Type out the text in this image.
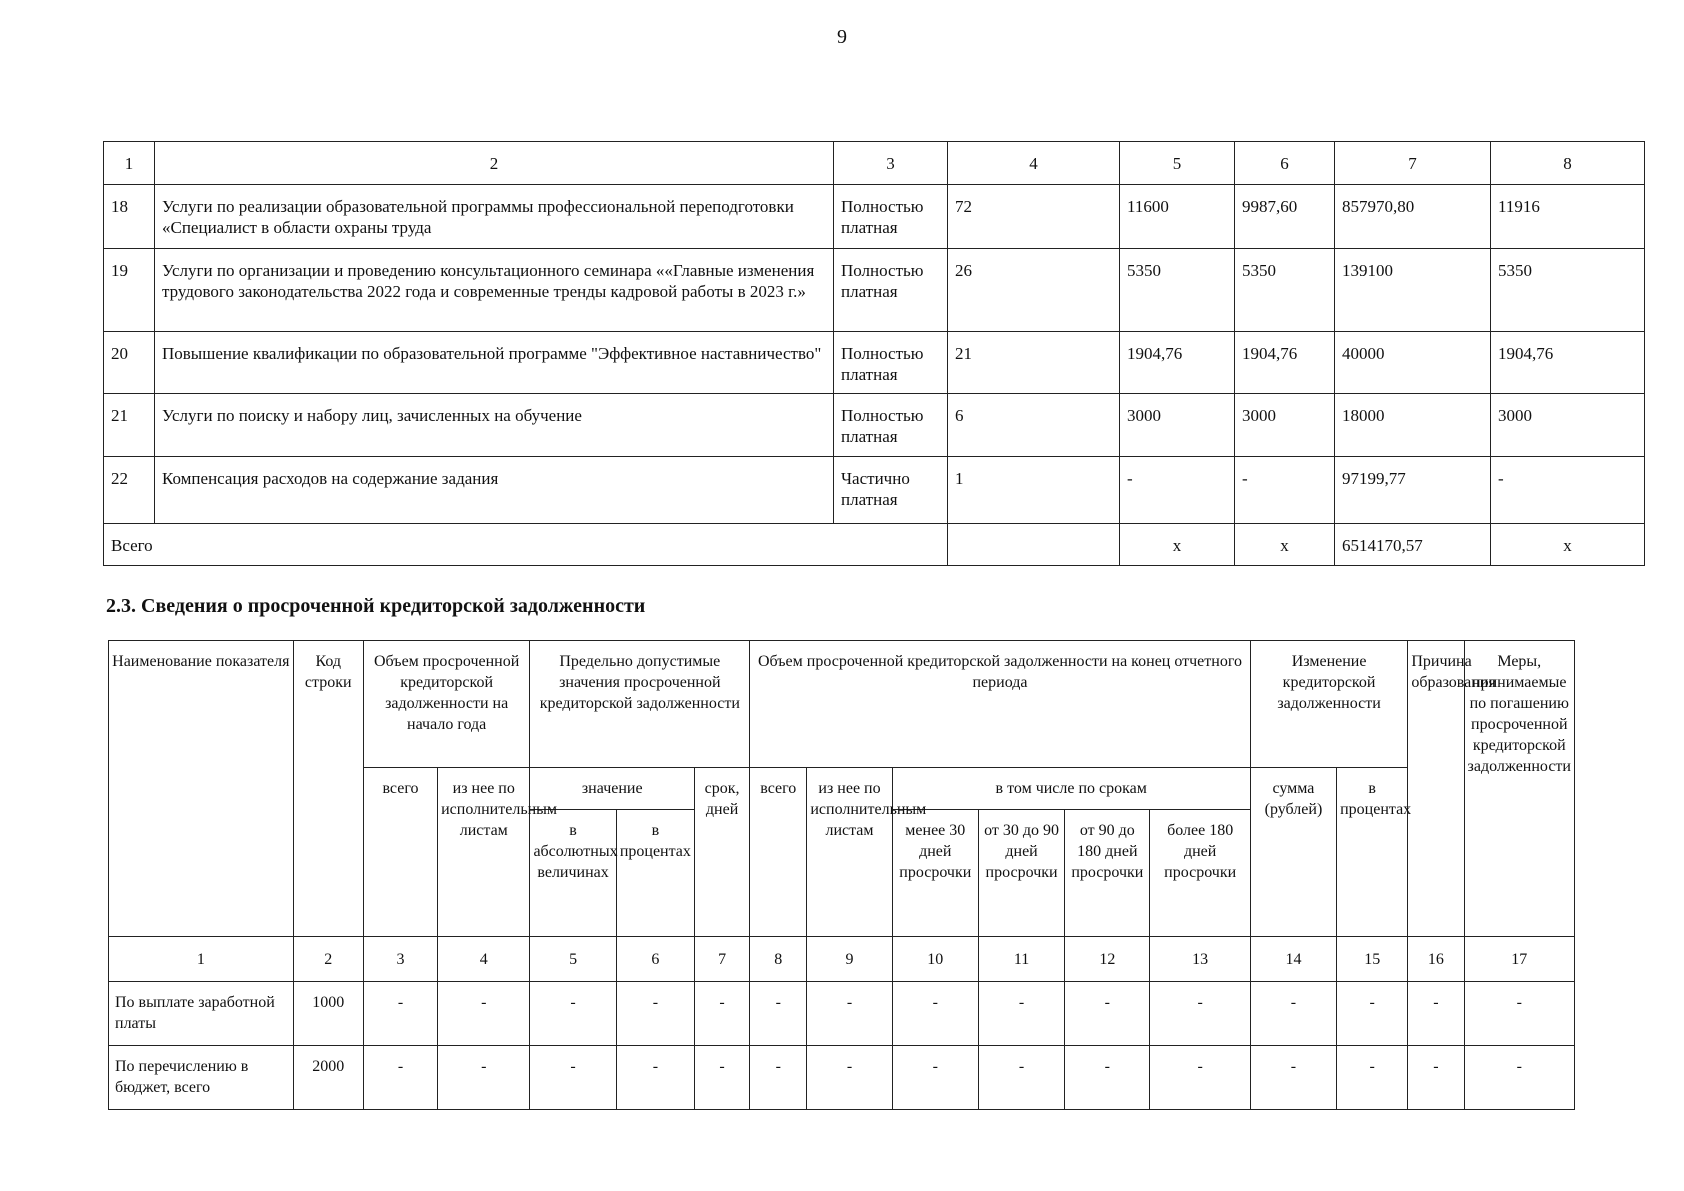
9
1	2	3	4	5	6	7	8
18	Услуги по реализации образовательной программы профессиональной переподготовки «Специалист в области охраны труда	Полностью платная	72	11600	9987,60	857970,80	11916
19	Услуги по организации и проведению консультационного семинара ««Главные изменения трудового законодательства 2022 года и современные тренды кадровой работы в 2023 г.»	Полностью платная	26	5350	5350	139100	5350
20	Повышение квалификации по образовательной программе "Эффективное наставничество"	Полностью платная	21	1904,76	1904,76	40000	1904,76
21	Услуги по поиску и набору лиц, зачисленных на обучение	Полностью платная	6	3000	3000	18000	3000
22	Компенсация расходов на содержание задания	Частично платная	1	-	-	97199,77	-
Всего				х	х	6514170,57	х
2.3. Сведения о просроченной кредиторской задолженности
Наименование показателя	Код строки	Объем просроченной кредиторской задолженности на начало года		Предельно допустимые значения просроченной кредиторской задолженности			Объем просроченной кредиторской задолженности на конец отчетного периода						Изменение кредиторской задолженности		Причина образования	Меры, принимаемые по погашению просроченной кредиторской задолженности
		всего	из нее по исполнительным листам	значение		срок, дней	всего	из нее по исполнительным листам	в том числе по срокам				сумма (рублей)	в процентах		
				в абсолютных величинах	в процентах				менее 30 дней просрочки	от 30 до 90 дней просрочки	от 90 до 180 дней просрочки	более 180 дней просрочки				
1	2	3	4	5	6	7	8	9	10	11	12	13	14	15	16	17
По выплате заработной платы	1000	-	-	-	-	-	-	-	-	-	-	-	-	-	-	-
По перечислению в бюджет, всего	2000	-	-	-	-	-	-	-	-	-	-	-	-	-	-	-
